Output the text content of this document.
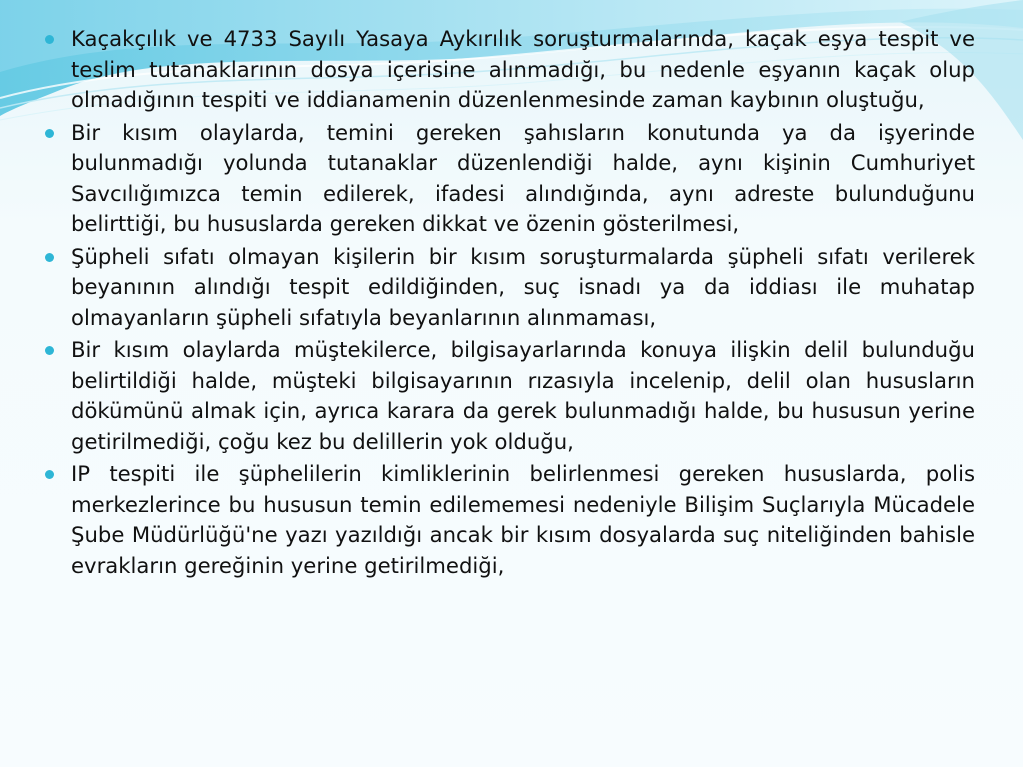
Kaçakçılık ve 4733 Sayılı Yasaya Aykırılık soruşturmalarında, kaçak eşya tespit ve teslim tutanaklarının dosya içerisine alınmadığı, bu nedenle eşyanın kaçak olup olmadığının tespiti ve iddianamenin düzenlenmesinde zaman kaybının oluştuğu,
Bir kısım olaylarda, temini gereken şahısların konutunda ya da işyerinde bulunmadığı yolunda tutanaklar düzenlendiği halde, aynı kişinin Cumhuriyet Savcılığımızca temin edilerek, ifadesi alındığında, aynı adreste bulunduğunu belirttiği, bu hususlarda gereken dikkat ve özenin gösterilmesi,
Şüpheli sıfatı olmayan kişilerin bir kısım soruşturmalarda şüpheli sıfatı verilerek beyanının alındığı tespit edildiğinden, suç isnadı ya da iddiası ile muhatap olmayanların şüpheli sıfatıyla beyanlarının alınmaması,
Bir kısım olaylarda müştekilerce, bilgisayarlarında konuya ilişkin delil bulunduğu belirtildiği halde, müşteki bilgisayarının rızasıyla incelenip, delil olan hususların dökümünü almak için, ayrıca karara da gerek bulunmadığı halde, bu hususun yerine getirilmediği, çoğu kez bu delillerin yok olduğu,
IP tespiti ile şüphelilerin kimliklerinin belirlenmesi gereken hususlarda, polis merkezlerince bu hususun temin edilememesi nedeniyle Bilişim Suçlarıyla Mücadele Şube Müdürlüğü'ne yazı yazıldığı ancak bir kısım dosyalarda suç niteliğinden bahisle evrakların gereğinin yerine getirilmediği,
